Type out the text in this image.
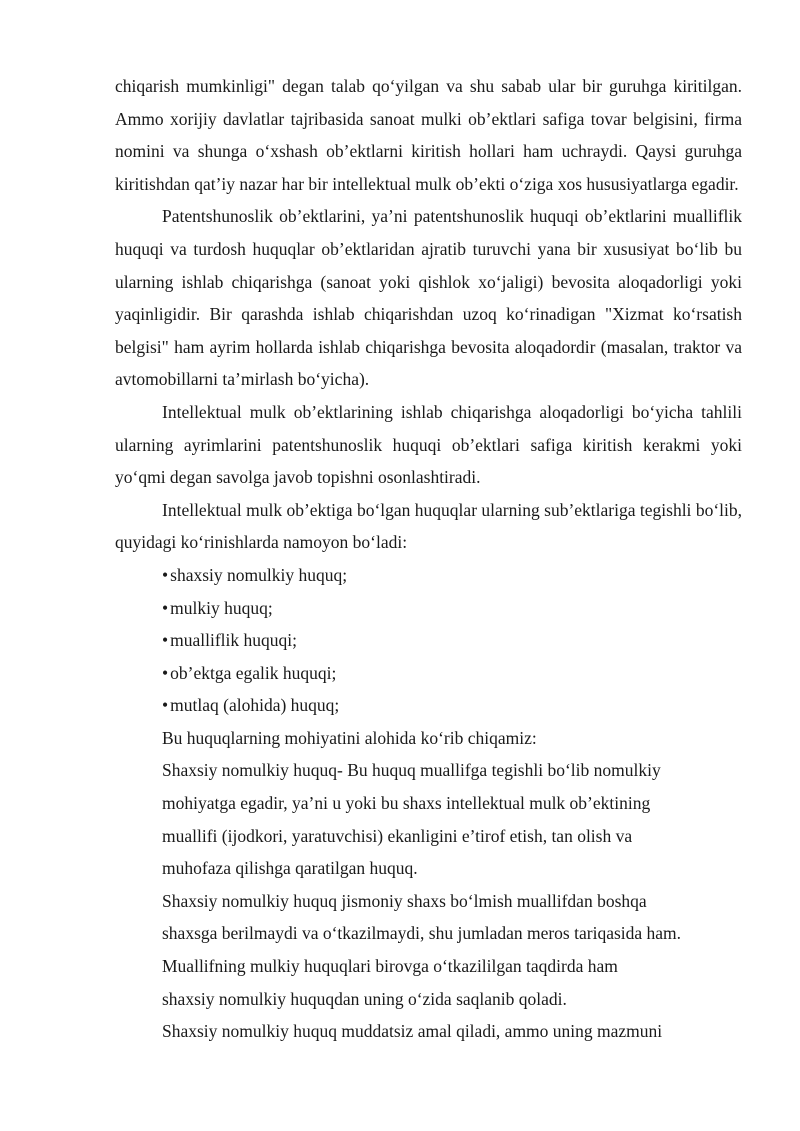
chiqarish mumkinligi" degan talab qo‘yilgan va shu sabab ular bir guruhga kiritilgan. Ammo xorijiy davlatlar tajribasida sanoat mulki ob’ektlari safiga tovar belgisini, firma nomini va shunga o‘xshash ob’ektlarni kiritish hollari ham uchraydi. Qaysi guruhga kiritishdan qat’iy nazar har bir intellektual mulk ob’ekti o‘ziga xos hususiyatlarga egadir.

Patentshunoslik ob’ektlarini, ya’ni patentshunoslik huquqi ob’ektlarini mualliflik huquqi va turdosh huquqlar ob’ektlaridan ajratib turuvchi yana bir xususiyat bo‘lib bu ularning ishlab chiqarishga (sanoat yoki qishlok xo‘jaligi) bevosita aloqadorligi yoki yaqinligidir. Bir qarashda ishlab chiqarishdan uzoq ko‘rinadigan "Xizmat ko‘rsatish belgisi" ham ayrim hollarda ishlab chiqarishga bevosita aloqadordir (masalan, traktor va avtomobillarni ta’mirlash bo‘yicha).

Intellektual mulk ob’ektlarining ishlab chiqarishga aloqadorligi bo‘yicha tahlili ularning ayrimlarini patentshunoslik huquqi ob’ektlari safiga kiritish kerakmi yoki yo‘qmi degan savolga javob topishni osonlashtiradi.

Intellektual mulk ob’ektiga bo‘lgan huquqlar ularning sub’ektlariga tegishli bo‘lib, quyidagi ko‘rinishlarda namoyon bo‘ladi:

• shaxsiy nomulkiy huquq;
• mulkiy huquq;
• mualliflik huquqi;
• ob’ektga egalik huquqi;
• mutlaq (alohida) huquq;

Bu huquqlarning mohiyatini alohida ko‘rib chiqamiz:

Shaxsiy nomulkiy huquq- Bu huquq muallifga tegishli bo‘lib nomulkiy
mohiyatga egadir, ya’ni u yoki bu shaxs intellektual mulk ob’ektining
muallifi (ijodkori, yaratuvchisi) ekanligini e’tirof etish, tan olish va
muhofaza qilishga qaratilgan huquq.
Shaxsiy nomulkiy huquq jismoniy shaxs bo‘lmish muallifdan boshqa
shaxsga berilmaydi va o‘tkazilmaydi, shu jumladan meros tariqasida ham.
Muallifning mulkiy huquqlari birovga o‘tkazililgan taqdirda ham
shaxsiy nomulkiy huquqdan uning o‘zida saqlanib qoladi.
Shaxsiy nomulkiy huquq muddatsiz amal qiladi, ammo uning mazmuni
